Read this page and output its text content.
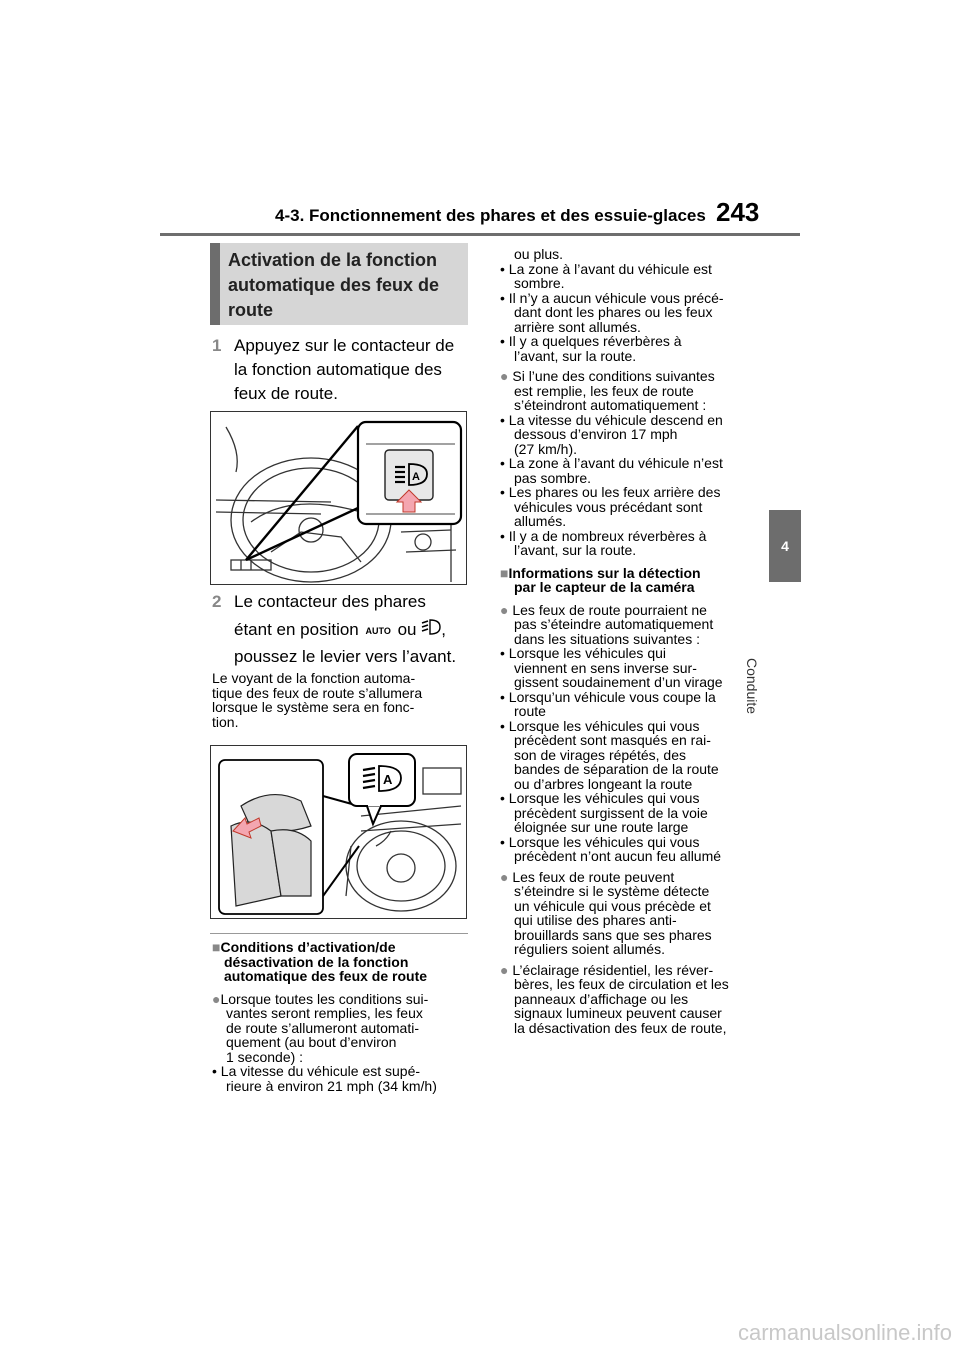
4-3. Fonctionnement des phares et des essuie-glaces 243
4
Conduite
Activation de la fonction
automatique des feux de
route
1 Appuyez sur le contacteur de
la fonction automatique des
feux de route.
A
2 Le contacteur des phares
étant en position AUTO ou ,
poussez le levier vers l’avant.
Le voyant de la fonction automa-
tique des feux de route s’allumera
lorsque le système sera en fonc-
tion.
A
■Conditions d’activation/de
désactivation de la fonction
automatique des feux de route
●Lorsque toutes les conditions sui-
vantes seront remplies, les feux
de route s’allumeront automati-
quement (au bout d’environ
1 seconde) :
• La vitesse du véhicule est supé-
rieure à environ 21 mph (34 km/h)
ou plus.
• La zone à l’avant du véhicule est
sombre.
• Il n’y a aucun véhicule vous précé-
dant dont les phares ou les feux
arrière sont allumés.
• Il y a quelques réverbères à
l’avant, sur la route.
● Si l’une des conditions suivantes
est remplie, les feux de route
s’éteindront automatiquement :
• La vitesse du véhicule descend en
dessous d’environ 17 mph
(27 km/h).
• La zone à l’avant du véhicule n’est
pas sombre.
• Les phares ou les feux arrière des
véhicules vous précédant sont
allumés.
• Il y a de nombreux réverbères à
l’avant, sur la route.
■Informations sur la détection
par le capteur de la caméra
● Les feux de route pourraient ne
pas s’éteindre automatiquement
dans les situations suivantes :
• Lorsque les véhicules qui
viennent en sens inverse sur-
gissent soudainement d’un virage
• Lorsqu’un véhicule vous coupe la
route
• Lorsque les véhicules qui vous
précèdent sont masqués en rai-
son de virages répétés, des
bandes de séparation de la route
ou d’arbres longeant la route
• Lorsque les véhicules qui vous
précèdent surgissent de la voie
éloignée sur une route large
• Lorsque les véhicules qui vous
précèdent n’ont aucun feu allumé
● Les feux de route peuvent
s’éteindre si le système détecte
un véhicule qui vous précède et
qui utilise des phares anti-
brouillards sans que ses phares
réguliers soient allumés.
● L’éclairage résidentiel, les réver-
bères, les feux de circulation et les
panneaux d’affichage ou les
signaux lumineux peuvent causer
la désactivation des feux de route,
carmanualsonline.info
